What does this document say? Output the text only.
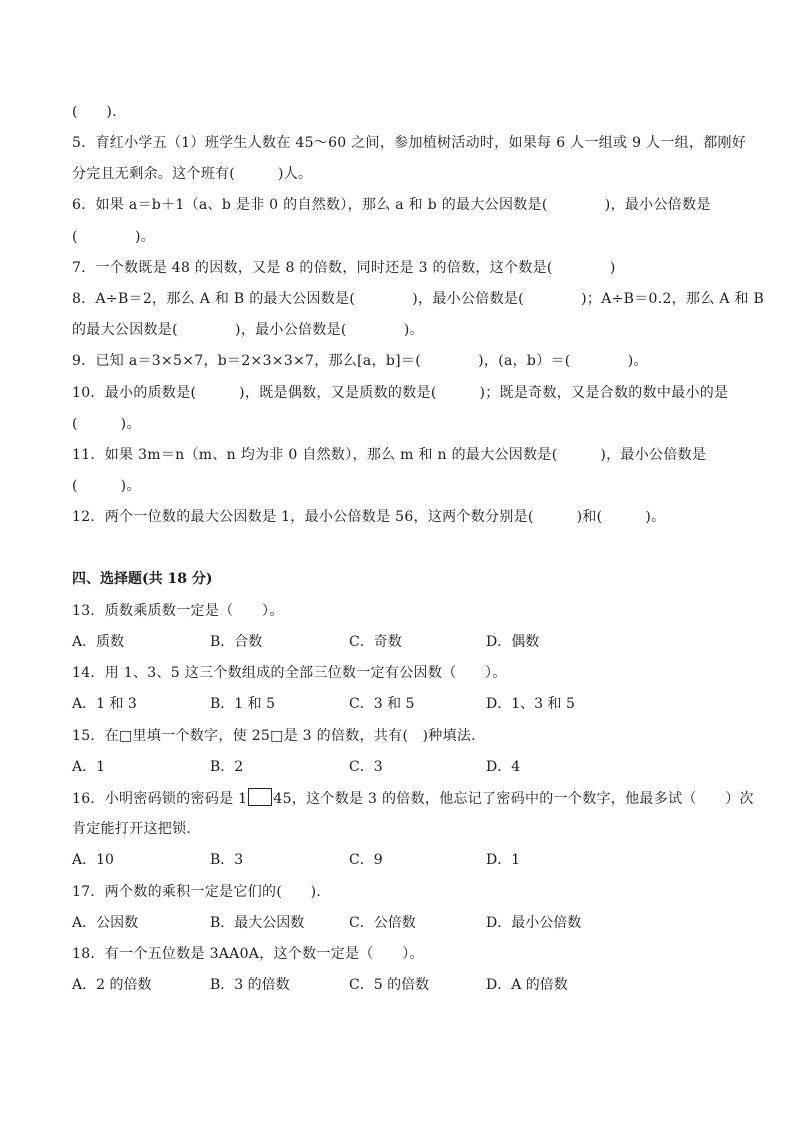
(　　).
5．育红小学五（1）班学生人数在 45～60 之间，参加植树活动时，如果每 6 人一组或 9 人一组，都刚好
分完且无剩余。这个班有(　　　)人。
6．如果 a＝b＋1（a、b 是非 0 的自然数），那么 a 和 b 的最大公因数是(　　　　)，最小公倍数是
(　　　　)。
7．一个数既是 48 的因数，又是 8 的倍数，同时还是 3 的倍数，这个数是(　　　　)
8．A÷B＝2，那么 A 和 B 的最大公因数是(　　　　)，最小公倍数是(　　　　)；A÷B＝0.2，那么 A 和 B
的最大公因数是(　　　　)，最小公倍数是(　　　　)。
9．已知 a＝3×5×7，b＝2×3×3×7，那么[a，b]＝(　　　　)，(a，b）＝(　　　　)。
10．最小的质数是(　　　)，既是偶数，又是质数的数是(　　　)；既是奇数，又是合数的数中最小的是
(　　　)。
11．如果 3m＝n（m、n 均为非 0 自然数），那么 m 和 n 的最大公因数是(　　　)，最小公倍数是
(　　　)。
12．两个一位数的最大公因数是 1，最小公倍数是 56，这两个数分别是(　　　)和(　　　)。
四、选择题(共 18 分)
13．质数乘质数一定是（　　）。
A．质数	B．合数	C．奇数	D．偶数
14．用 1、3、5 这三个数组成的全部三位数一定有公因数（　　）。
A．1 和 3	B．1 和 5	C．3 和 5	D．1、3 和 5
15．在□里填一个数字，使 25□是 3 的倍数，共有(　)种填法．
A．1	B．2	C．3	D．4
16．小明密码锁的密码是 1 45，这个数是 3 的倍数，他忘记了密码中的一个数字，他最多试（　　）次
肯定能打开这把锁．
A．10	B．3	C．9	D．1
17．两个数的乘积一定是它们的(　　)．
A．公因数	B．最大公因数	C．公倍数	D．最小公倍数
18．有一个五位数是 3AA0A，这个数一定是（　　）。
A．2 的倍数	B．3 的倍数	C．5 的倍数	D．A 的倍数
